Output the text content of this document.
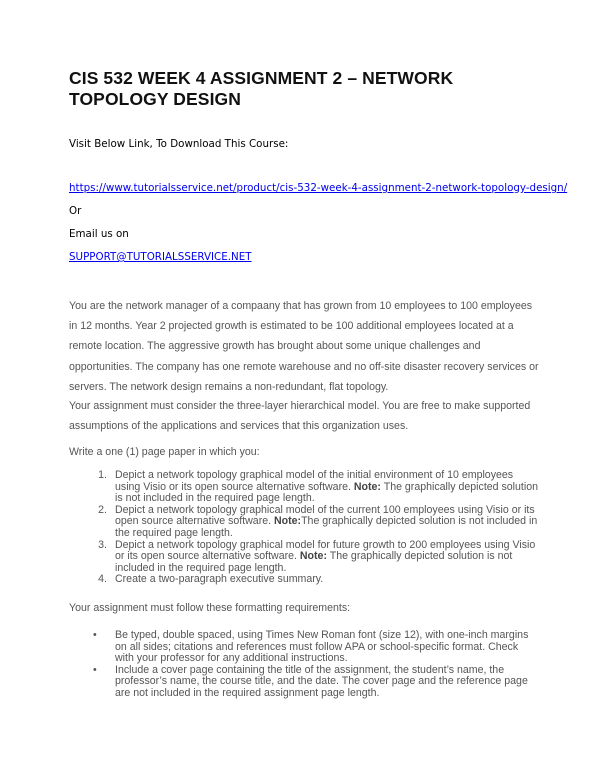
CIS 532 WEEK 4 ASSIGNMENT 2 – NETWORK TOPOLOGY DESIGN
Visit Below Link, To Download This Course:
https://www.tutorialsservice.net/product/cis-532-week-4-assignment-2-network-topology-design/
Or
Email us on
SUPPORT@TUTORIALSSERVICE.NET

You are the network manager of a compaany that has grown from 10 employees to 100 employees in 12 months. Year 2 projected growth is estimated to be 100 additional employees located at a remote location. The aggressive growth has brought about some unique challenges and opportunities. The company has one remote warehouse and no off-site disaster recovery services or servers. The network design remains a non-redundant, flat topology.

Your assignment must consider the three-layer hierarchical model. You are free to make supported assumptions of the applications and services that this organization uses.

Write a one (1) page paper in which you:
1. Depict a network topology graphical model of the initial environment of 10 employees using Visio or its open source alternative software. Note: The graphically depicted solution is not included in the required page length.
2. Depict a network topology graphical model of the current 100 employees using Visio or its open source alternative software. Note:The graphically depicted solution is not included in the required page length.
3. Depict a network topology graphical model for future growth to 200 employees using Visio or its open source alternative software. Note: The graphically depicted solution is not included in the required page length.
4. Create a two-paragraph executive summary.
Your assignment must follow these formatting requirements:
• Be typed, double spaced, using Times New Roman font (size 12), with one-inch margins on all sides; citations and references must follow APA or school-specific format. Check with your professor for any additional instructions.
• Include a cover page containing the title of the assignment, the student’s name, the professor’s name, the course title, and the date. The cover page and the reference page are not included in the required assignment page length.
